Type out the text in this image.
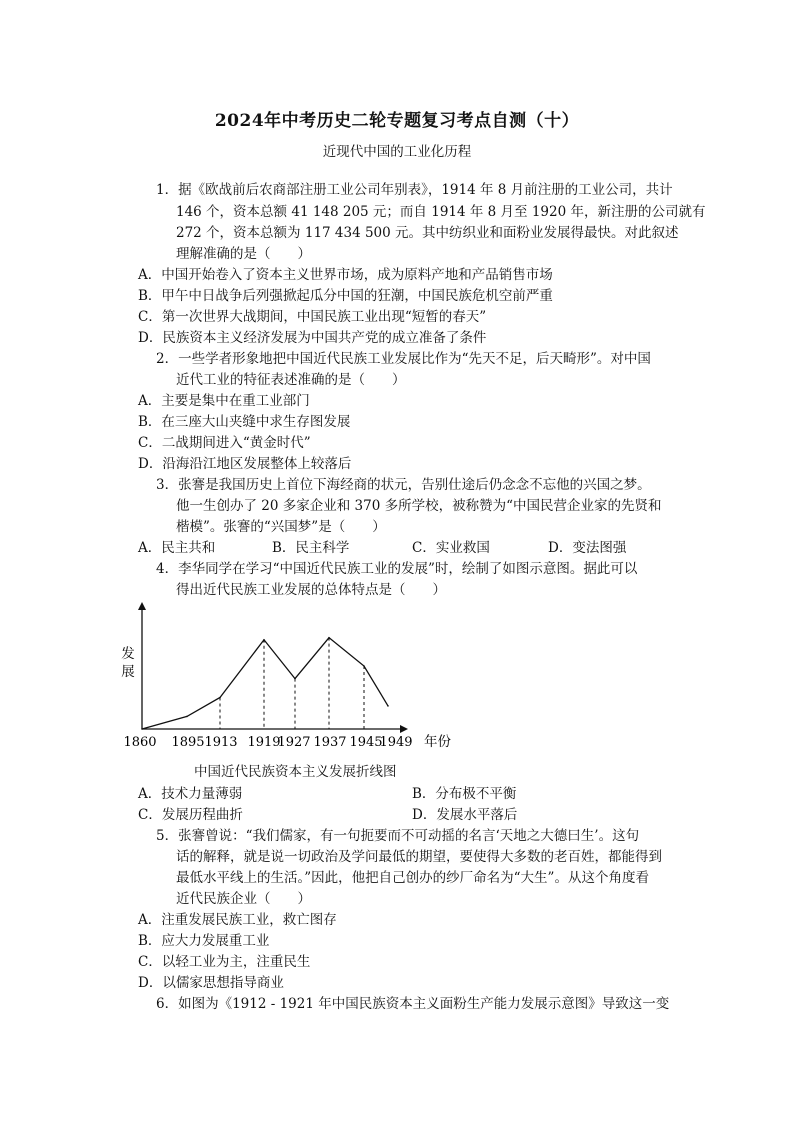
2024年中考历史二轮专题复习考点自测（十）
近现代中国的工业化历程
1．据《欧战前后农商部注册工业公司年别表》，1914 年 8 月前注册的工业公司，共计
146 个，资本总额 41 148 205 元；而自 1914 年 8 月至 1920 年，新注册的公司就有
272 个，资本总额为 117 434 500 元。其中纺织业和面粉业发展得最快。对此叙述
理解准确的是（　　）
A．中国开始卷入了资本主义世界市场，成为原料产地和产品销售市场
B．甲午中日战争后列强掀起瓜分中国的狂潮，中国民族危机空前严重
C．第一次世界大战期间，中国民族工业出现“短暂的春天”
D．民族资本主义经济发展为中国共产党的成立准备了条件
2．一些学者形象地把中国近代民族工业发展比作为“先天不足，后天畸形”。对中国
近代工业的特征表述准确的是（　　）
A．主要是集中在重工业部门
B．在三座大山夹缝中求生存图发展
C．二战期间进入“黄金时代”
D．沿海沿江地区发展整体上较落后
3．张謇是我国历史上首位下海经商的状元，告别仕途后仍念念不忘他的兴国之梦。
他一生创办了 20 多家企业和 370 多所学校，被称赞为“中国民营企业家的先贤和
楷模”。张謇的“兴国梦”是（　　）
A．民主共和	B．民主科学	C．实业救国	D．变法图强
4．李华同学在学习“中国近代民族工业的发展”时，绘制了如图示意图。据此可以
得出近代民族工业发展的总体特点是（　　）
发
展
1860 1895 1913 1919
1927 1937 1945
1949 年份
中国近代民族资本主义发展折线图
A．技术力量薄弱	B．分布极不平衡
C．发展历程曲折	D．发展水平落后
5．张謇曾说：“我们儒家，有一句扼要而不可动摇的名言‘天地之大德曰生’。这句
话的解释，就是说一切政治及学问最低的期望，要使得大多数的老百姓，都能得到
最低水平线上的生活。”因此，他把自己创办的纱厂命名为“大生”。从这个角度看
近代民族企业（　　）
A．注重发展民族工业，救亡图存
B．应大力发展重工业
C．以轻工业为主，注重民生
D．以儒家思想指导商业
6．如图为《1912 - 1921 年中国民族资本主义面粉生产能力发展示意图》导致这一变
